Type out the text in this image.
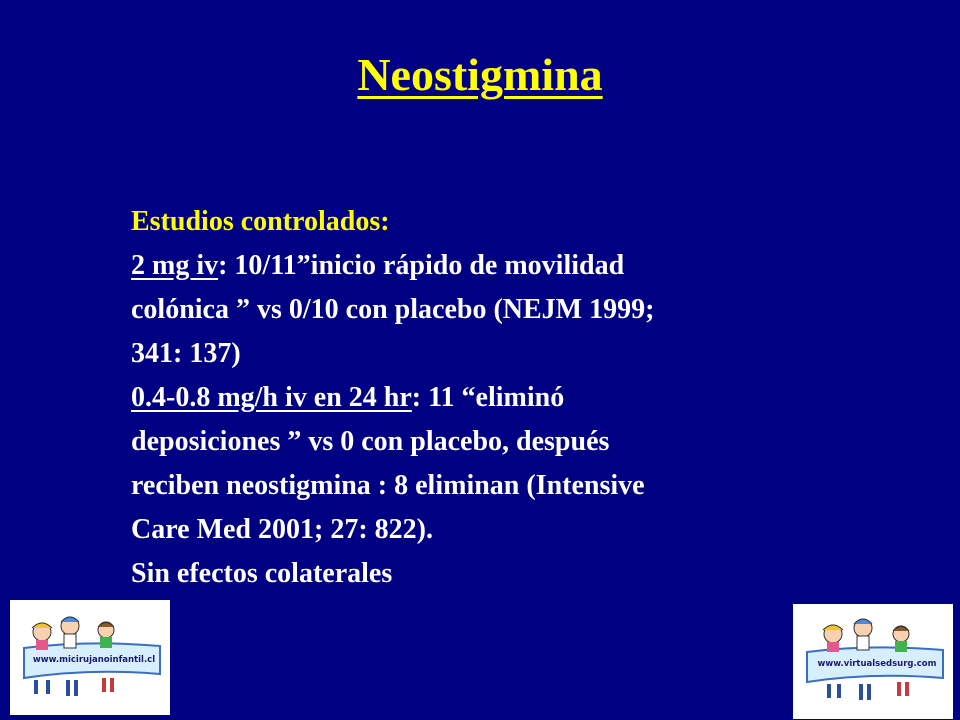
Neostigmina
Estudios controlados:
2 mg iv: 10/11”inicio rápido de movilidad
colónica ” vs 0/10 con placebo (NEJM 1999;
341: 137)
0.4-0.8 mg/h iv en 24 hr: 11 “eliminó
deposiciones ” vs 0 con placebo, después
reciben neostigmina : 8 eliminan (Intensive
Care Med 2001; 27: 822).
Sin efectos colaterales
www.micirujanoinfantil.cl	www.virtualsedsurg.com
